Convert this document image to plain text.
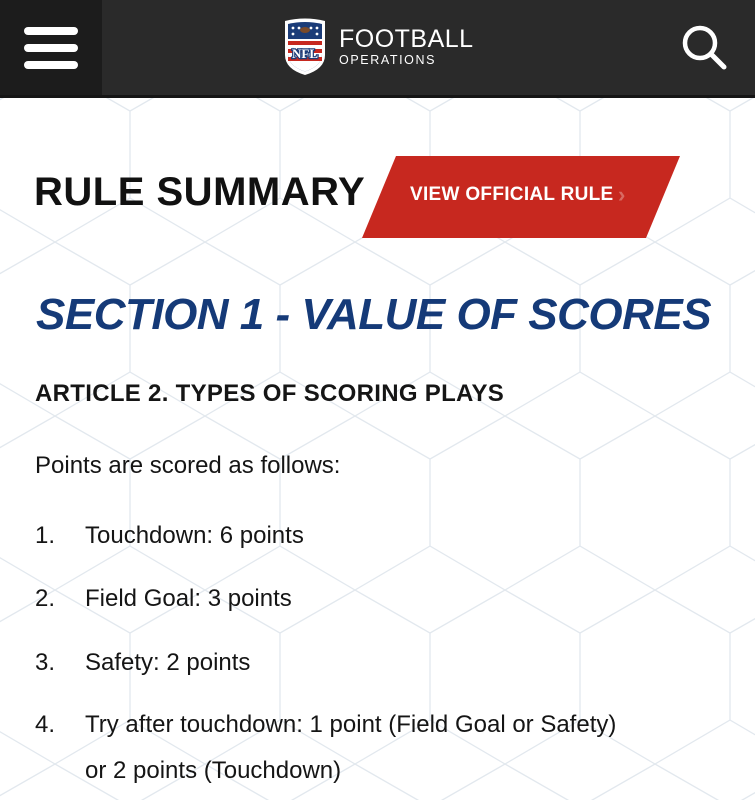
NFL
FOOTBALL
OPERATIONS
RULE SUMMARY VIEW OFFICIAL RULE ›
SECTION 1 - VALUE OF SCORES
ARTICLE 2. TYPES OF SCORING PLAYS

Points are scored as follows:

1. Touchdown: 6 points
2. Field Goal: 3 points
3. Safety: 2 points
4. Try after touchdown: 1 point (Field Goal or Safety)
or 2 points (Touchdown)
